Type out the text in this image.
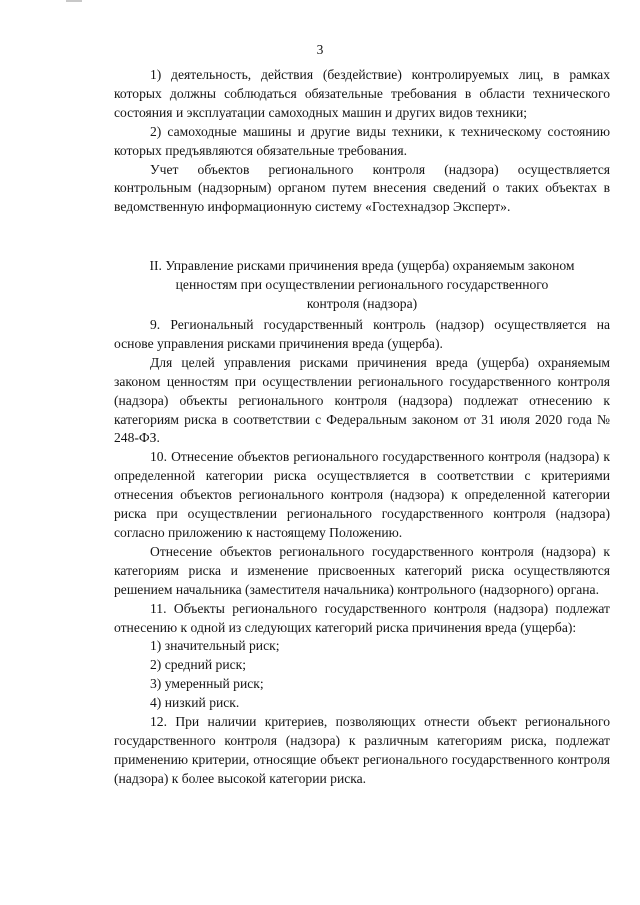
3

1) деятельность, действия (бездействие) контролируемых лиц, в рамках которых должны соблюдаться обязательные требования в области технического состояния и эксплуатации самоходных машин и других видов техники;

2) самоходные машины и другие виды техники, к техническому состоянию которых предъявляются обязательные требования.

Учет объектов регионального контроля (надзора) осуществляется контрольным (надзорным) органом путем внесения сведений о таких объектах в ведомственную информационную систему «Гостехнадзор Эксперт».

II. Управление рисками причинения вреда (ущерба) охраняемым законом
ценностям при осуществлении регионального государственного
контроля (надзора)

9. Региональный государственный контроль (надзор) осуществляется на основе управления рисками причинения вреда (ущерба).

Для целей управления рисками причинения вреда (ущерба) охраняемым законом ценностям при осуществлении регионального государственного контроля (надзора) объекты регионального контроля (надзора) подлежат отнесению к категориям риска в соответствии с Федеральным законом от 31 июля 2020 года № 248-ФЗ.

10. Отнесение объектов регионального государственного контроля (надзора) к определенной категории риска осуществляется в соответствии с критериями отнесения объектов регионального контроля (надзора) к определенной категории риска при осуществлении регионального государственного контроля (надзора) согласно приложению к настоящему Положению.

Отнесение объектов регионального государственного контроля (надзора) к категориям риска и изменение присвоенных категорий риска осуществляются решением начальника (заместителя начальника) контрольного (надзорного) органа.

11. Объекты регионального государственного контроля (надзора) подлежат отнесению к одной из следующих категорий риска причинения вреда (ущерба):

1) значительный риск;

2) средний риск;

3) умеренный риск;

4) низкий риск.

12. При наличии критериев, позволяющих отнести объект регионального государственного контроля (надзора) к различным категориям риска, подлежат применению критерии, относящие объект регионального государственного контроля (надзора) к более высокой категории риска.
